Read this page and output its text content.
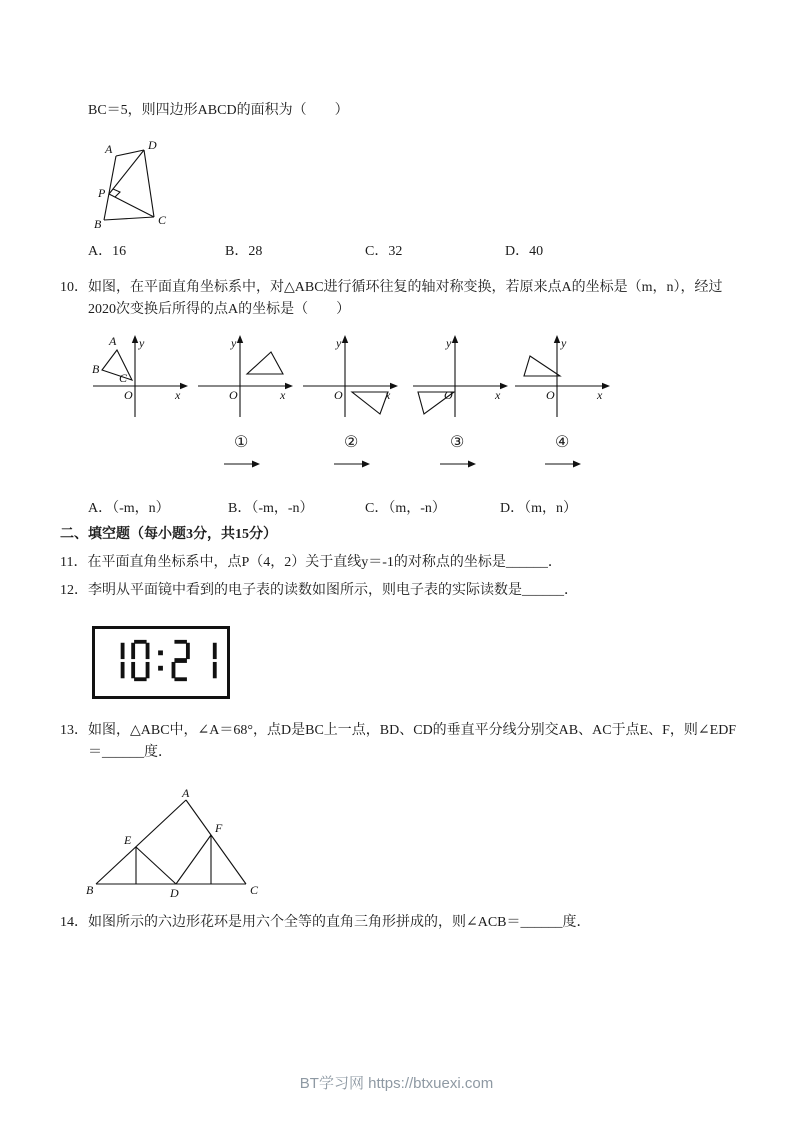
BC＝5，则四边形ABCD的面积为（　　）
A	D
P
B	C
A．16	B．28	C．32	D．40
10．如图，在平面直角坐标系中，对△ABC进行循环往复的轴对称变换，若原来点A的坐标是（m，n），经过2020次变换后所得的点A的坐标是（　　）
y
x
O
A
B
C
y
x
O
y
x
O
y
x
O
y
x
O
①	②	③	④
A．（-m，n）	B．（-m，-n）	C．（m，-n）	D．（m，n）
二、填空题（每小题3分，共15分）
11．在平面直角坐标系中，点P（4，2）关于直线y＝-1的对称点的坐标是______．
12．李明从平面镜中看到的电子表的读数如图所示，则电子表的实际读数是______．
13．如图，△ABC中，∠A＝68°，点D是BC上一点，BD、CD的垂直平分线分别交AB、AC于点E、F，则∠EDF＝______度．
A
B	C
D
E
F
14．如图所示的六边形花环是用六个全等的直角三角形拼成的，则∠ACB＝______度．
BT学习网 https://btxuexi.com
